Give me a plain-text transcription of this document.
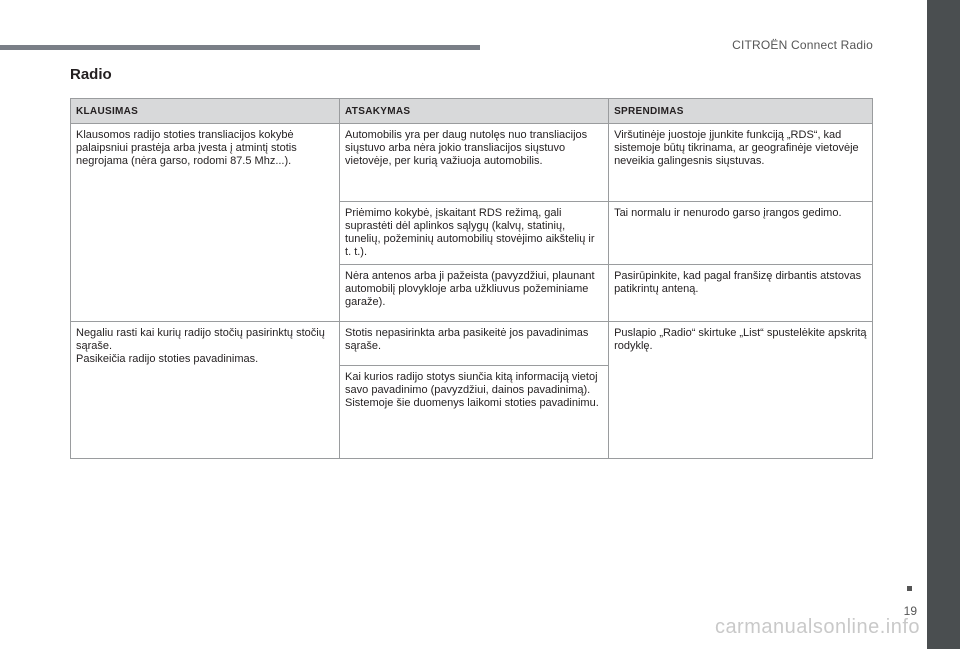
CITROËN Connect Radio
Radio
KLAUSIMAS	ATSAKYMAS	SPRENDIMAS

Klausomos radijo stoties transliacijos kokybė palaipsniui prastėja arba įvesta į atmintį stotis negrojama (nėra garso, rodomi 87.5 Mhz...).	Automobilis yra per daug nutolęs nuo transliacijos siųstuvo arba nėra jokio transliacijos siųstuvo vietovėje, per kurią važiuoja automobilis.	Viršutinėje juostoje įjunkite funkciją „RDS“, kad sistemoje būtų tikrinama, ar geografinėje vietovėje neveikia galingesnis siųstuvas.

	Priėmimo kokybė, įskaitant RDS režimą, gali suprastėti dėl aplinkos sąlygų (kalvų, statinių, tunelių, požeminių automobilių stovėjimo aikštelių ir t. t.).	Tai normalu ir nenurodo garso įrangos gedimo.

	Nėra antenos arba ji pažeista (pavyzdžiui, plaunant automobilį plovykloje arba užkliuvus požeminiame garaže).	Pasirūpinkite, kad pagal franšizę dirbantis atstovas patikrintų anteną.

Negaliu rasti kai kurių radijo stočių pasirinktų stočių sąraše.
Pasikeičia radijo stoties pavadinimas.	Stotis nepasirinkta arba pasikeitė jos pavadinimas sąraše.	Puslapio „Radio“ skirtuke „List“ spustelėkite apskritą rodyklę.

	Kai kurios radijo stotys siunčia kitą informaciją vietoj savo pavadinimo (pavyzdžiui, dainos pavadinimą).
Sistemoje šie duomenys laikomi stoties pavadinimu.	
19
carmanualsonline.info
